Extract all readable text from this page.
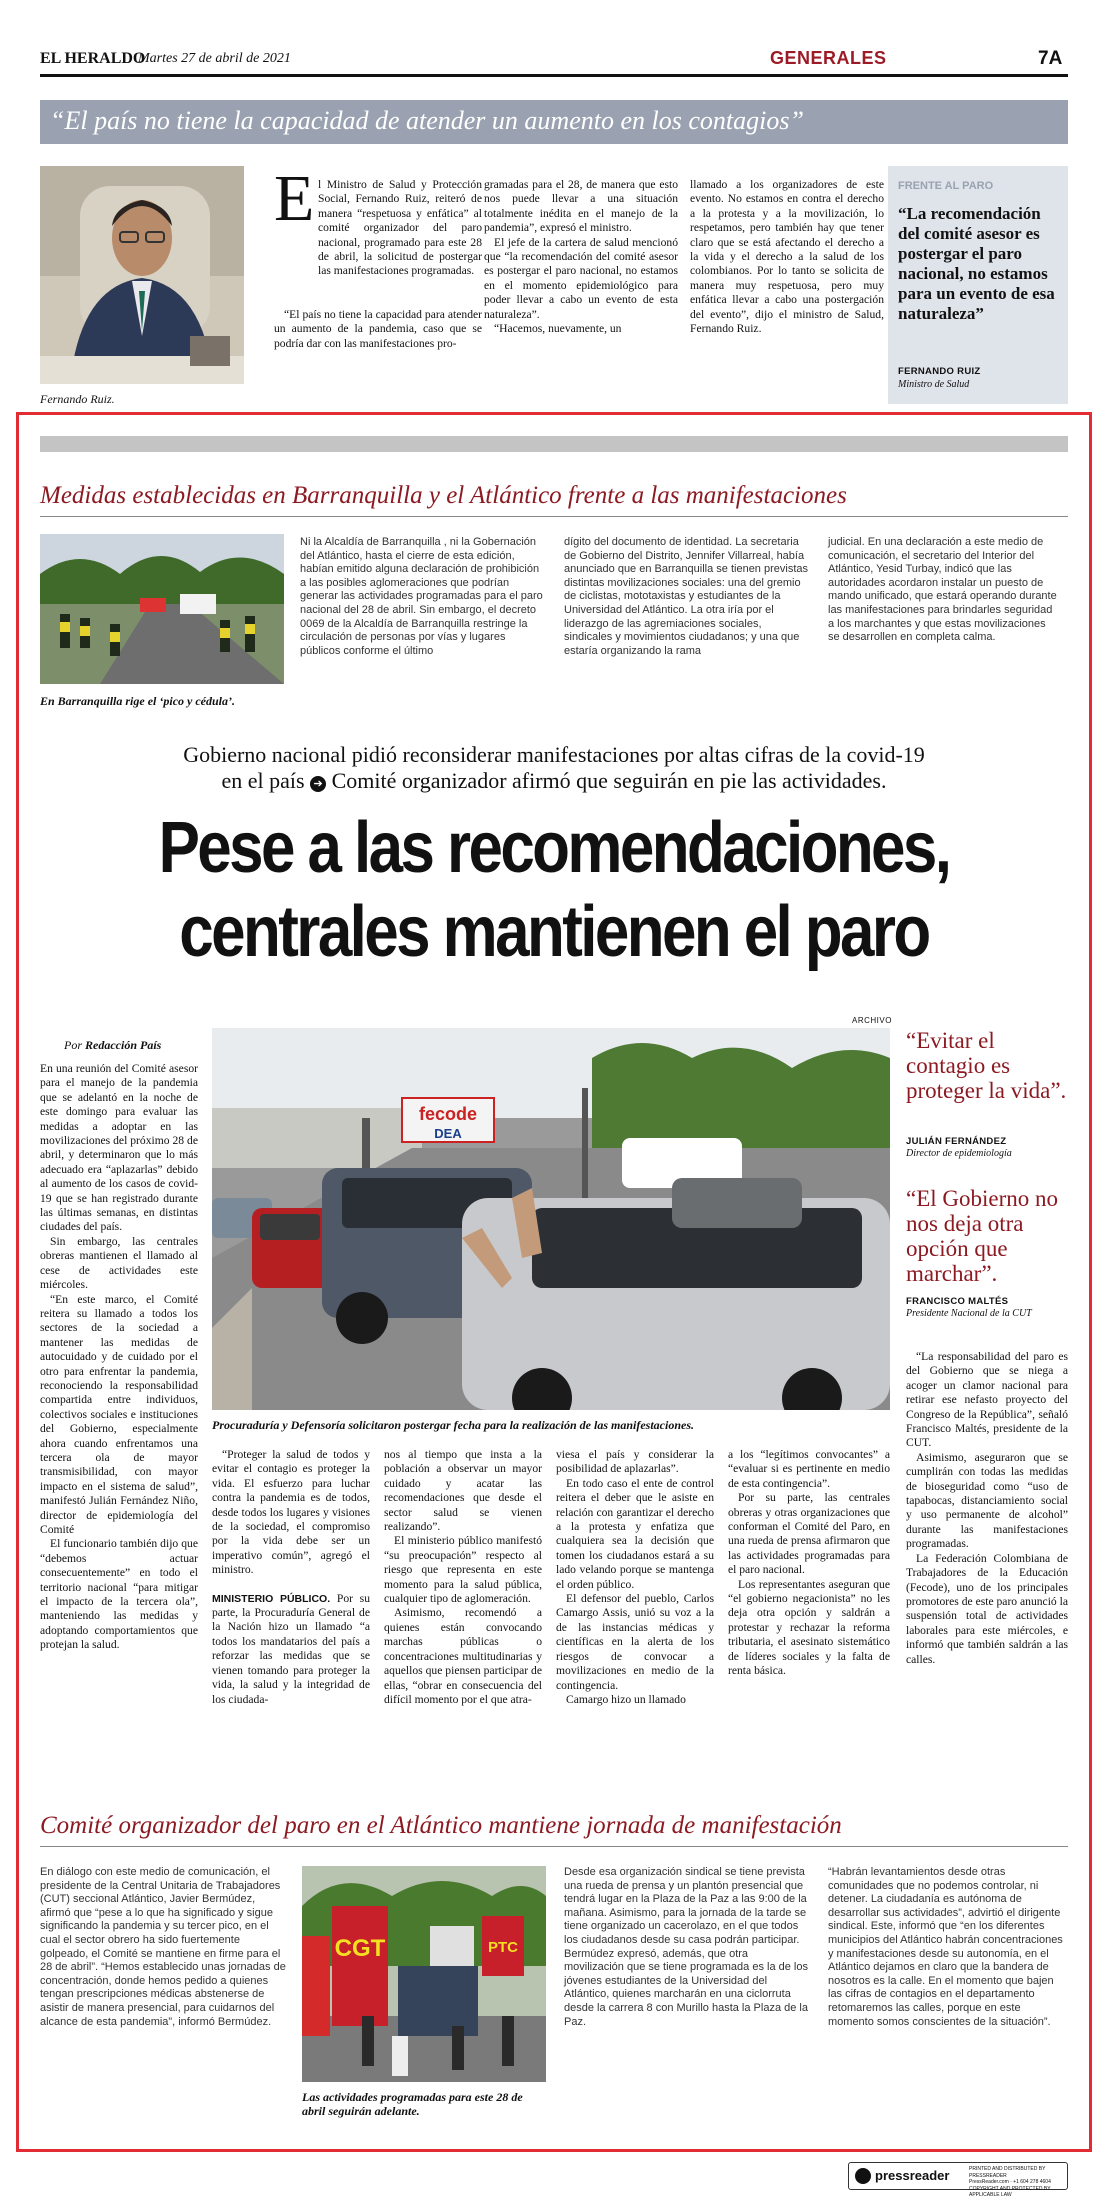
EL HERALDO
Martes 27 de abril de 2021	GENERALES	7A
“El país no tiene la capacidad de atender un aumento en los contagios”
Fernando Ruiz.
E l Ministro de Salud y Protección Social, Fernando Ruiz, reiteró de manera “respetuosa y enfática” al comité organizador del paro nacional, programado para este 28 de abril, la solicitud de postergar las manifestaciones programadas.

“El país no tiene la capacidad para atender un aumento de la pandemia, caso que se podría dar con las manifestaciones pro-

gramadas para el 28, de manera que esto nos puede llevar a una situación totalmente inédita en el manejo de la pandemia”, expresó el ministro.

El jefe de la cartera de salud mencionó que “la recomendación del comité asesor es postergar el paro nacional, no estamos en el momento epidemiológico para poder llevar a cabo un evento de esta naturaleza”.

“Hacemos, nuevamente, un

llamado a los organizadores de este evento. No estamos en contra el derecho a la protesta y a la movilización, lo respetamos, pero también hay que tener claro que se está afectando el derecho a la vida y el derecho a la salud de los colombianos. Por lo tanto se solicita de manera muy respetuosa, pero muy enfática llevar a cabo una postergación del evento”, dijo el ministro de Salud, Fernando Ruiz.

FRENTE AL PARO
“La recomendación del comité asesor es postergar el paro nacional, no estamos para un evento de esa naturaleza”
FERNANDO RUIZ
Ministro de Salud
Medidas establecidas en Barranquilla y el Atlántico frente a las manifestaciones
En Barranquilla rige el ‘pico y cédula’.

Ni la Alcaldía de Barranquilla , ni la Gobernación del Atlántico, hasta el cierre de esta edición, habían emitido alguna declaración de prohibición a las posibles aglomeraciones que podrían generar las actividades programadas para el paro nacional del 28 de abril. Sin embargo, el decreto 0069 de la Alcaldía de Barranquilla restringe la circulación de personas por vías y lugares públicos conforme el último

dígito del documento de identidad. La secretaria de Gobierno del Distrito, Jennifer Villarreal, había anunciado que en Barranquilla se tienen previstas distintas movilizaciones sociales: una del gremio de ciclistas, mototaxistas y estudiantes de la Universidad del Atlántico. La otra iría por el liderazgo de las agremiaciones sociales, sindicales y movimientos ciudadanos; y una que estaría organizando la rama

judicial. En una declaración a este medio de comunicación, el secretario del Interior del Atlántico, Yesid Turbay, indicó que las autoridades acordaron instalar un puesto de mando unificado, que estará operando durante las manifestaciones para brindarles seguridad a los marchantes y que estas movilizaciones se desarrollen en completa calma.

Gobierno nacional pidió reconsiderar manifestaciones por altas cifras de la covid-19
en el país ➔ Comité organizador afirmó que seguirán en pie las actividades.
Pese a las recomendaciones,
centrales mantienen el paro
Por Redacción País

En una reunión del Comité asesor para el manejo de la pandemia que se adelantó en la noche de este domingo para evaluar las medidas a adoptar en las movilizaciones del próximo 28 de abril, y determinaron que lo más adecuado era “aplazarlas” debido al aumento de los casos de covid-19 que se han registrado durante las últimas semanas, en distintas ciudades del país.

Sin embargo, las centrales obreras mantienen el llamado al cese de actividades este miércoles.

“En este marco, el Comité reitera su llamado a todos los sectores de la sociedad a mantener las medidas de autocuidado y de cuidado por el otro para enfrentar la pandemia, reconociendo la responsabilidad compartida entre individuos, colectivos sociales e instituciones del Gobierno, especialmente ahora cuando enfrentamos una tercera ola de mayor transmisibilidad, con mayor impacto en el sistema de salud”, manifestó Julián Fernández Niño, director de epidemiología del Comité

El funcionario también dijo que “debemos actuar consecuentemente” en todo el territorio nacional “para mitigar el impacto de la tercera ola”, manteniendo las medidas y adoptando comportamientos que protejan la salud.

ARCHIVO
fecode
DEA
Procuraduría y Defensoría solicitaron postergar fecha para la realización de las manifestaciones.

“Proteger la salud de todos y evitar el contagio es proteger la vida. El esfuerzo para luchar contra la pandemia es de todos, desde todos los lugares y visiones de la sociedad, el compromiso por la vida debe ser un imperativo común”, agregó el ministro.

MINISTERIO PÚBLICO. Por su parte, la Procuraduría General de la Nación hizo un llamado “a todos los mandatarios del país a reforzar las medidas que se vienen tomando para proteger la vida, la salud y la integridad de los ciudada-

nos al tiempo que insta a la población a observar un mayor cuidado y acatar las recomendaciones que desde el sector salud se vienen realizando”.

El ministerio público manifestó “su preocupación” respecto al riesgo que representa en este momento para la salud pública, cualquier tipo de aglomeración.

Asimismo, recomendó a quienes están convocando marchas públicas o concentraciones multitudinarias y aquellos que piensen participar de ellas, “obrar en consecuencia del difícil momento por el que atra-

viesa el país y considerar la posibilidad de aplazarlas”.

En todo caso el ente de control reitera el deber que le asiste en relación con garantizar el derecho a la protesta y enfatiza que cualquiera sea la decisión que tomen los ciudadanos estará a su lado velando porque se mantenga el orden público.

El defensor del pueblo, Carlos Camargo Assis, unió su voz a la de las instancias médicas y científicas en la alerta de los riesgos de convocar a movilizaciones en medio de la contingencia.

Camargo hizo un llamado

a los “legítimos convocantes” a “evaluar si es pertinente en medio de esta contingencia”.

Por su parte, las centrales obreras y otras organizaciones que conforman el Comité del Paro, en una rueda de prensa afirmaron que las actividades programadas para el paro nacional.

Los representantes aseguran que “el gobierno negacionista” no les deja otra opción y saldrán a protestar y rechazar la reforma tributaria, el asesinato sistemático de líderes sociales y la falta de renta básica.

“Evitar el contagio es proteger la vida”.
JULIÁN FERNÁNDEZ
Director de epidemiología
“El Gobierno no nos deja otra opción que marchar”.
FRANCISCO MALTÉS
Presidente Nacional de la CUT

“La responsabilidad del paro es del Gobierno que se niega a acoger un clamor nacional para retirar ese nefasto proyecto del Congreso de la República”, señaló Francisco Maltés, presidente de la CUT.

Asimismo, aseguraron que se cumplirán con todas las medidas de bioseguridad como “uso de tapabocas, distanciamiento social y uso permanente de alcohol” durante las manifestaciones programadas.

La Federación Colombiana de Trabajadores de la Educación (Fecode), uno de los principales promotores de este paro anunció la suspensión total de actividades laborales para este miércoles, e informó que también saldrán a las calles.

Comité organizador del paro en el Atlántico mantiene jornada de manifestación

En diálogo con este medio de comunicación, el presidente de la Central Unitaria de Trabajadores (CUT) seccional Atlántico, Javier Bermúdez, afirmó que “pese a lo que ha significado y sigue significando la pandemia y su tercer pico, en el cual el sector obrero ha sido fuertemente golpeado, el Comité se mantiene en firme para el 28 de abril”. “Hemos establecido unas jornadas de concentración, donde hemos pedido a quienes tengan prescripciones médicas abstenerse de asistir de manera presencial, para cuidarnos del alcance de esta pandemia”, informó Bermúdez.

CGT	PTC
Las actividades programadas para este 28 de abril seguirán adelante.

Desde esa organización sindical se tiene prevista una rueda de prensa y un plantón presencial que tendrá lugar en la Plaza de la Paz a las 9:00 de la mañana. Asimismo, para la jornada de la tarde se tiene organizado un cacerolazo, en el que todos los ciudadanos desde su casa podrán participar. Bermúdez expresó, además, que otra movilización que se tiene programada es la de los jóvenes estudiantes de la Universidad del Atlántico, quienes marcharán en una ciclorruta desde la carrera 8 con Murillo hasta la Plaza de la Paz.

“Habrán levantamientos desde otras comunidades que no podemos controlar, ni detener. La ciudadanía es autónoma de desarrollar sus actividades”, advirtió el dirigente sindical. Este, informó que “en los diferentes municipios del Atlántico habrán concentraciones y manifestaciones desde su autonomía, en el Atlántico dejamos en claro que la bandera de nosotros es la calle. En el momento que bajen las cifras de contagios en el departamento retomaremos las calles, porque en este momento somos conscientes de la situación”.

pressreader	PRINTED AND DISTRIBUTED BY PRESSREADER
PressReader.com · +1 604 278 4604
COPYRIGHT AND PROTECTED BY APPLICABLE LAW
